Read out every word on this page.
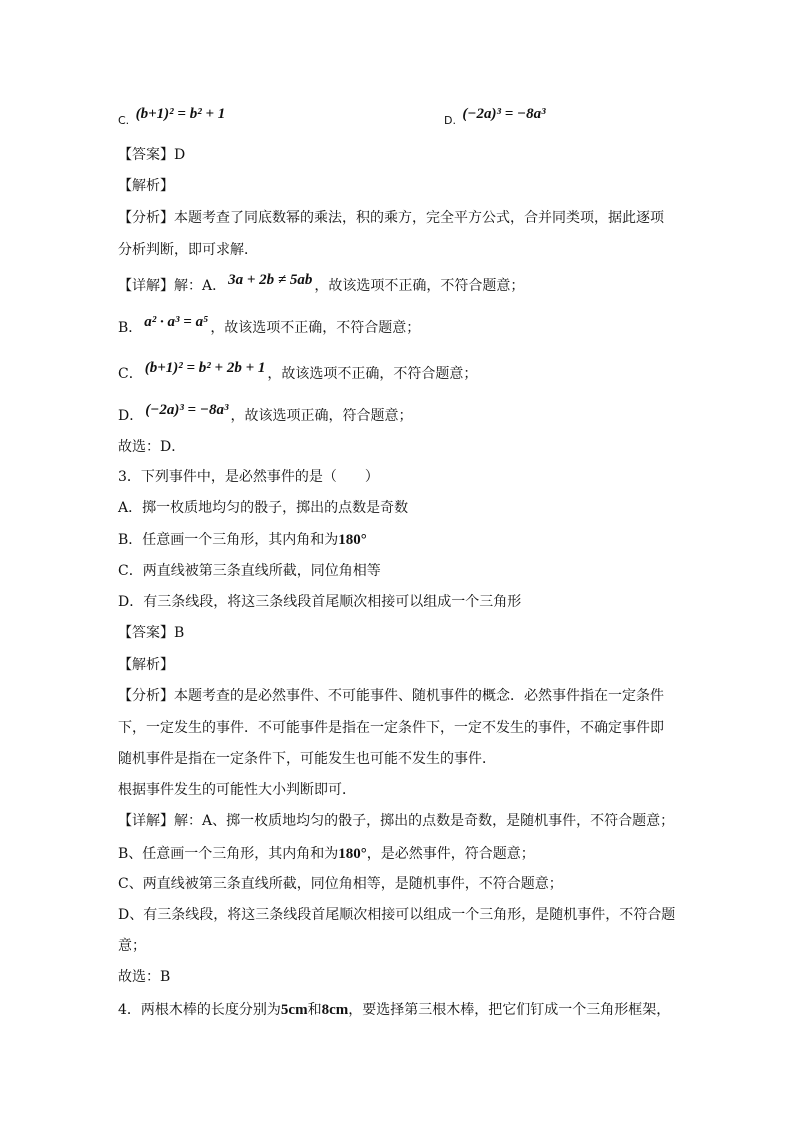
C. (b+1)² = b² + 1	D. (−2a)³ = −8a³
【答案】D
【解析】
【分析】本题考查了同底数幂的乘法，积的乘方，完全平方公式，合并同类项，据此逐项
分析判断，即可求解．
【详解】解：A． 3a + 2b ≠ 5ab ，故该选项不正确，不符合题意；
B． a² · a³ = a⁵ ，故该选项不正确，不符合题意；
C． (b+1)² = b² + 2b + 1 ，故该选项不正确，不符合题意；
D． (−2a)³ = −8a³ ，故该选项正确，符合题意；
故选：D．
3．下列事件中，是必然事件的是（　　）
A．掷一枚质地均匀的骰子，掷出的点数是奇数
B．任意画一个三角形，其内角和为180°
C．两直线被第三条直线所截，同位角相等
D．有三条线段，将这三条线段首尾顺次相接可以组成一个三角形
【答案】B
【解析】
【分析】本题考查的是必然事件、不可能事件、随机事件的概念．必然事件指在一定条件
下，一定发生的事件．不可能事件是指在一定条件下，一定不发生的事件，不确定事件即
随机事件是指在一定条件下，可能发生也可能不发生的事件．
根据事件发生的可能性大小判断即可．
【详解】解：A、掷一枚质地均匀的骰子，掷出的点数是奇数，是随机事件，不符合题意；
B、任意画一个三角形，其内角和为180°，是必然事件，符合题意；
C、两直线被第三条直线所截，同位角相等，是随机事件，不符合题意；
D、有三条线段，将这三条线段首尾顺次相接可以组成一个三角形，是随机事件，不符合题
意；
故选：B
4．两根木棒的长度分别为5cm和8cm，要选择第三根木棒，把它们钉成一个三角形框架，
